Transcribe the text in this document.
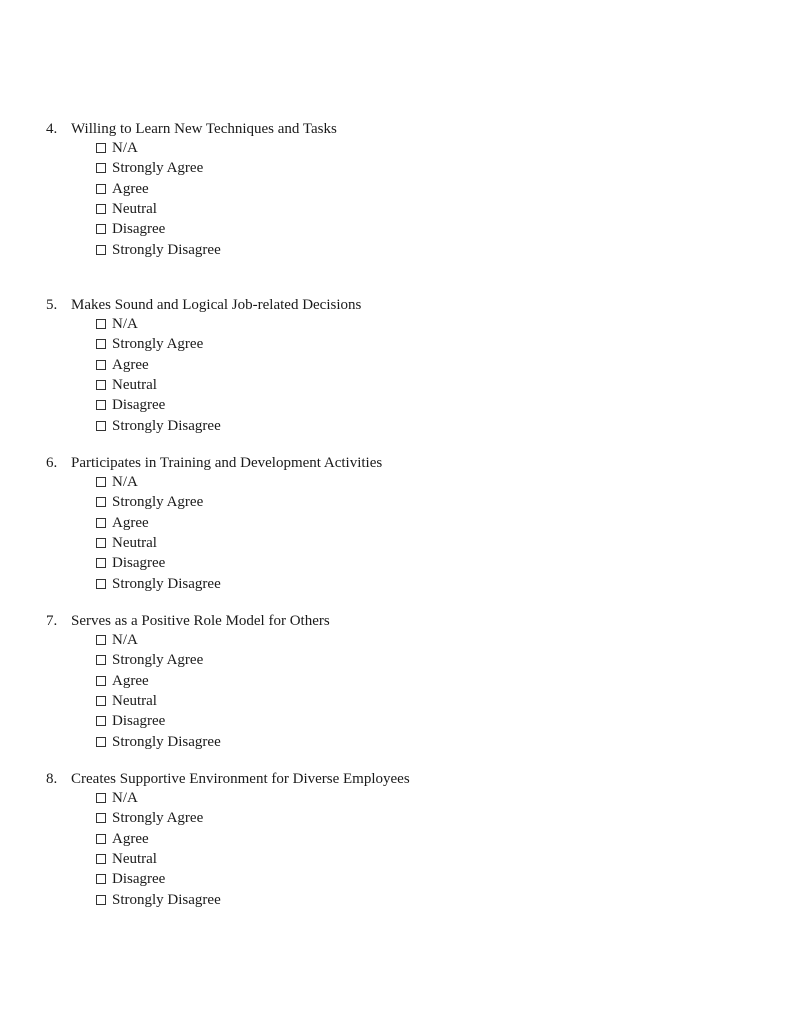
4. Willing to Learn New Techniques and Tasks
N/A
Strongly Agree
Agree
Neutral
Disagree
Strongly Disagree
5. Makes Sound and Logical Job-related Decisions
N/A
Strongly Agree
Agree
Neutral
Disagree
Strongly Disagree
6. Participates in Training and Development Activities
N/A
Strongly Agree
Agree
Neutral
Disagree
Strongly Disagree
7. Serves as a Positive Role Model for Others
N/A
Strongly Agree
Agree
Neutral
Disagree
Strongly Disagree
8. Creates Supportive Environment for Diverse Employees
N/A
Strongly Agree
Agree
Neutral
Disagree
Strongly Disagree
